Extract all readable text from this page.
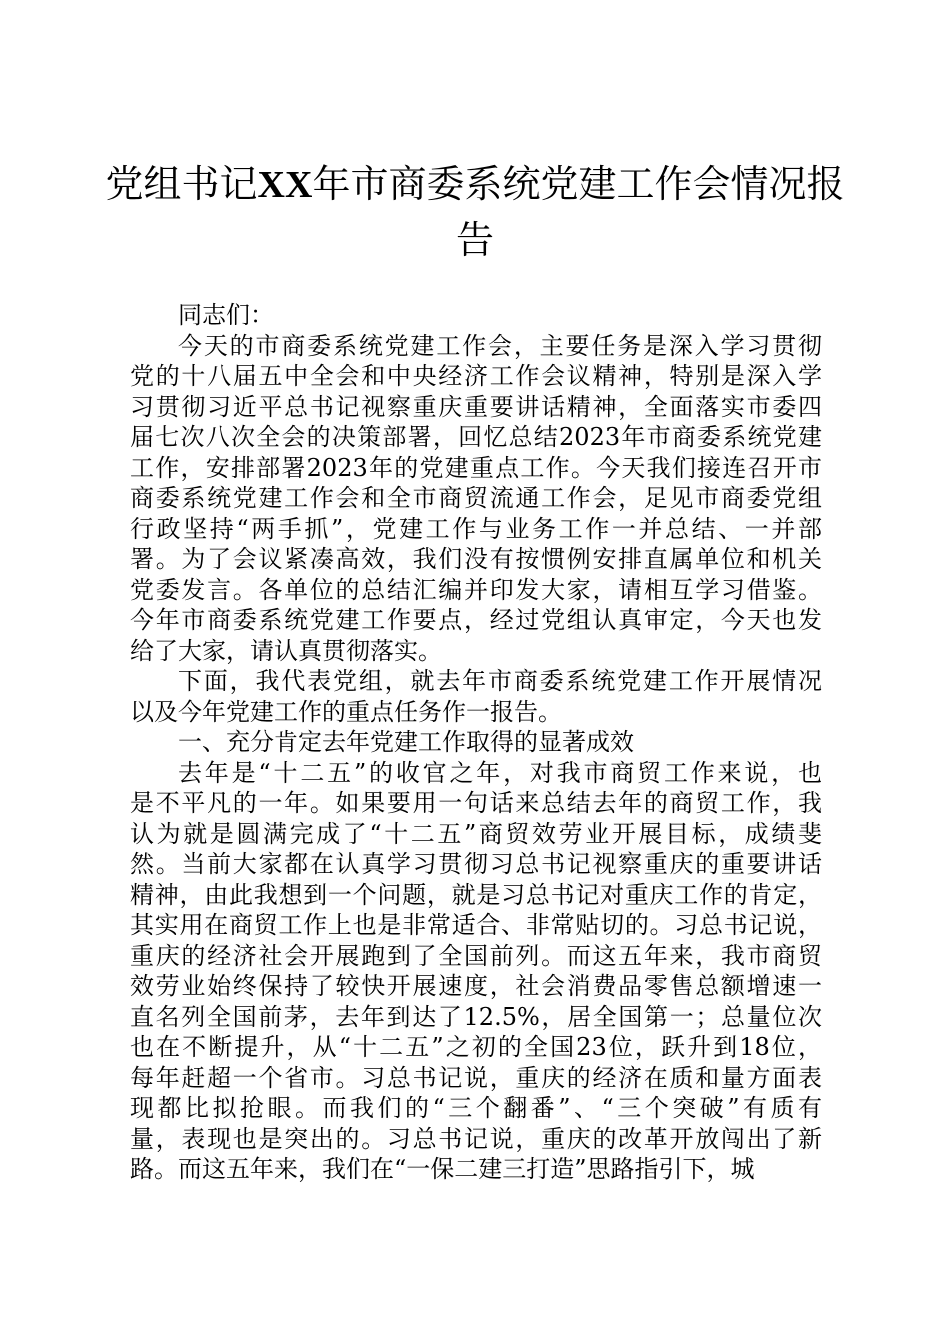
党组书记XX年市商委系统党建工作会情况报
告
同志们：
今天的市商委系统党建工作会，主要任务是深入学习贯彻
党的十八届五中全会和中央经济工作会议精神，特别是深入学
习贯彻习近平总书记视察重庆重要讲话精神，全面落实市委四
届七次八次全会的决策部署，回忆总结2023年市商委系统党建
工作，安排部署2023年的党建重点工作。今天我们接连召开市
商委系统党建工作会和全市商贸流通工作会，足见市商委党组
行政坚持“两手抓”，党建工作与业务工作一并总结、一并部
署。为了会议紧凑高效，我们没有按惯例安排直属单位和机关
党委发言。各单位的总结汇编并印发大家，请相互学习借鉴。
今年市商委系统党建工作要点，经过党组认真审定，今天也发
给了大家，请认真贯彻落实。
下面，我代表党组，就去年市商委系统党建工作开展情况
以及今年党建工作的重点任务作一报告。
一、充分肯定去年党建工作取得的显著成效
去年是“十二五”的收官之年，对我市商贸工作来说，也
是不平凡的一年。如果要用一句话来总结去年的商贸工作，我
认为就是圆满完成了“十二五”商贸效劳业开展目标，成绩斐
然。当前大家都在认真学习贯彻习总书记视察重庆的重要讲话
精神，由此我想到一个问题，就是习总书记对重庆工作的肯定，
其实用在商贸工作上也是非常适合、非常贴切的。习总书记说，
重庆的经济社会开展跑到了全国前列。而这五年来，我市商贸
效劳业始终保持了较快开展速度，社会消费品零售总额增速一
直名列全国前茅，去年到达了12.5%，居全国第一；总量位次
也在不断提升，从“十二五”之初的全国23位，跃升到18位，
每年赶超一个省市。习总书记说，重庆的经济在质和量方面表
现都比拟抢眼。而我们的“三个翻番”、“三个突破”有质有
量，表现也是突出的。习总书记说，重庆的改革开放闯出了新
路。而这五年来，我们在“一保二建三打造”思路指引下，城
